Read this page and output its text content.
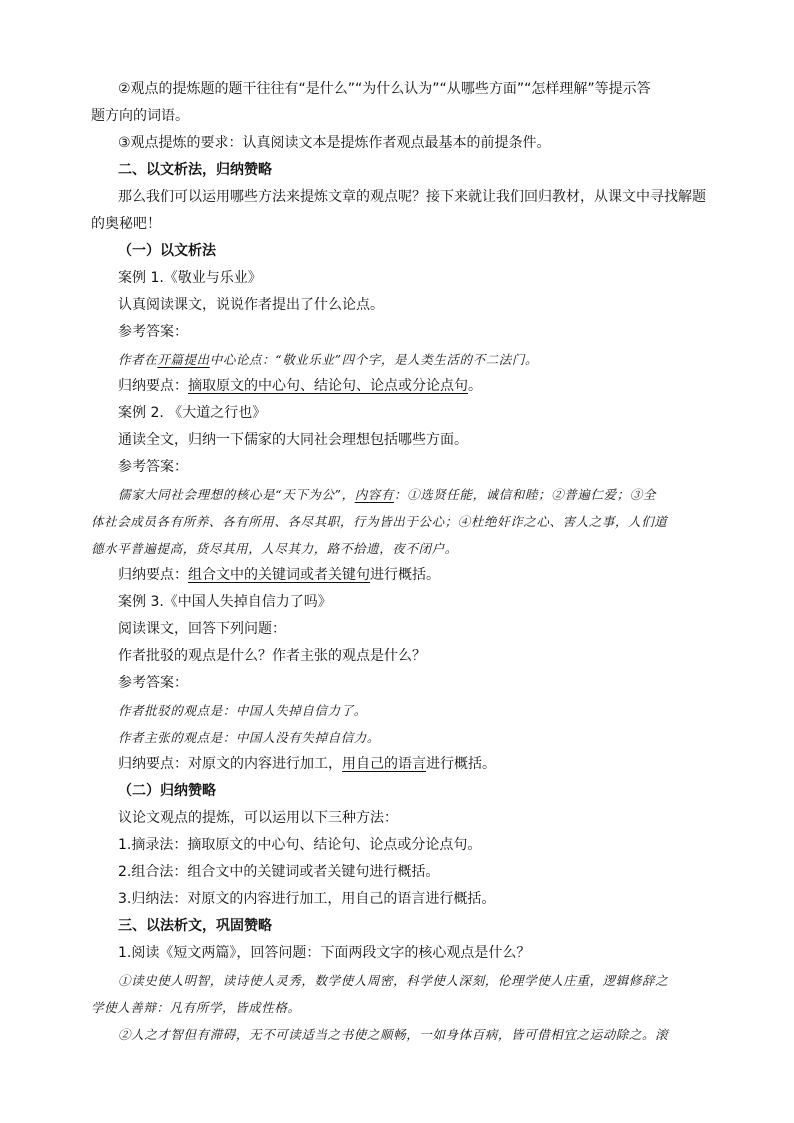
②观点的提炼题的题干往往有“是什么”“为什么认为”“从哪些方面”“怎样理解”等提示答
题方向的词语。
③观点提炼的要求：认真阅读文本是提炼作者观点最基本的前提条件。
二、以文析法，归纳赞略
那么我们可以运用哪些方法来提炼文章的观点呢？接下来就让我们回归教材，从课文中寻找解题
的奥秘吧！
（一）以文析法
案例 1.《敬业与乐业》
认真阅读课文，说说作者提出了什么论点。
参考答案：
作者在开篇提出中心论点：“敬业乐业”四个字，是人类生活的不二法门。
归纳要点：摘取原文的中心句、结论句、论点或分论点句。
案例 2. 《大道之行也》
通读全文，归纳一下儒家的大同社会理想包括哪些方面。
参考答案：
儒家大同社会理想的核心是“天下为公”，内容有：①选贤任能，诚信和睦；②普遍仁爱；③全
体社会成员各有所养、各有所用、各尽其职，行为皆出于公心；④杜绝奸诈之心、害人之事，人们道
德水平普遍提高，货尽其用，人尽其力，路不拾遗，夜不闭户。
归纳要点：组合文中的关键词或者关键句进行概括。
案例 3.《中国人失掉自信力了吗》
阅读课文，回答下列问题：
作者批驳的观点是什么？作者主张的观点是什么？
参考答案：
作者批驳的观点是：中国人失掉自信力了。
作者主张的观点是：中国人没有失掉自信力。
归纳要点：对原文的内容进行加工，用自己的语言进行概括。
（二）归纳赞略
议论文观点的提炼，可以运用以下三种方法：
1.摘录法：摘取原文的中心句、结论句、论点或分论点句。
2.组合法：组合文中的关键词或者关键句进行概括。
3.归纳法：对原文的内容进行加工，用自己的语言进行概括。
三、以法析文，巩固赞略
1.阅读《短文两篇》，回答问题：下面两段文字的核心观点是什么？
①读史使人明智，读诗使人灵秀，数学使人周密，科学使人深刻，伦理学使人庄重，逻辑修辞之
学使人善辩：凡有所学，皆成性格。
②人之才智但有滞碍，无不可读适当之书使之顺畅，一如身体百病，皆可借相宜之运动除之。滚
